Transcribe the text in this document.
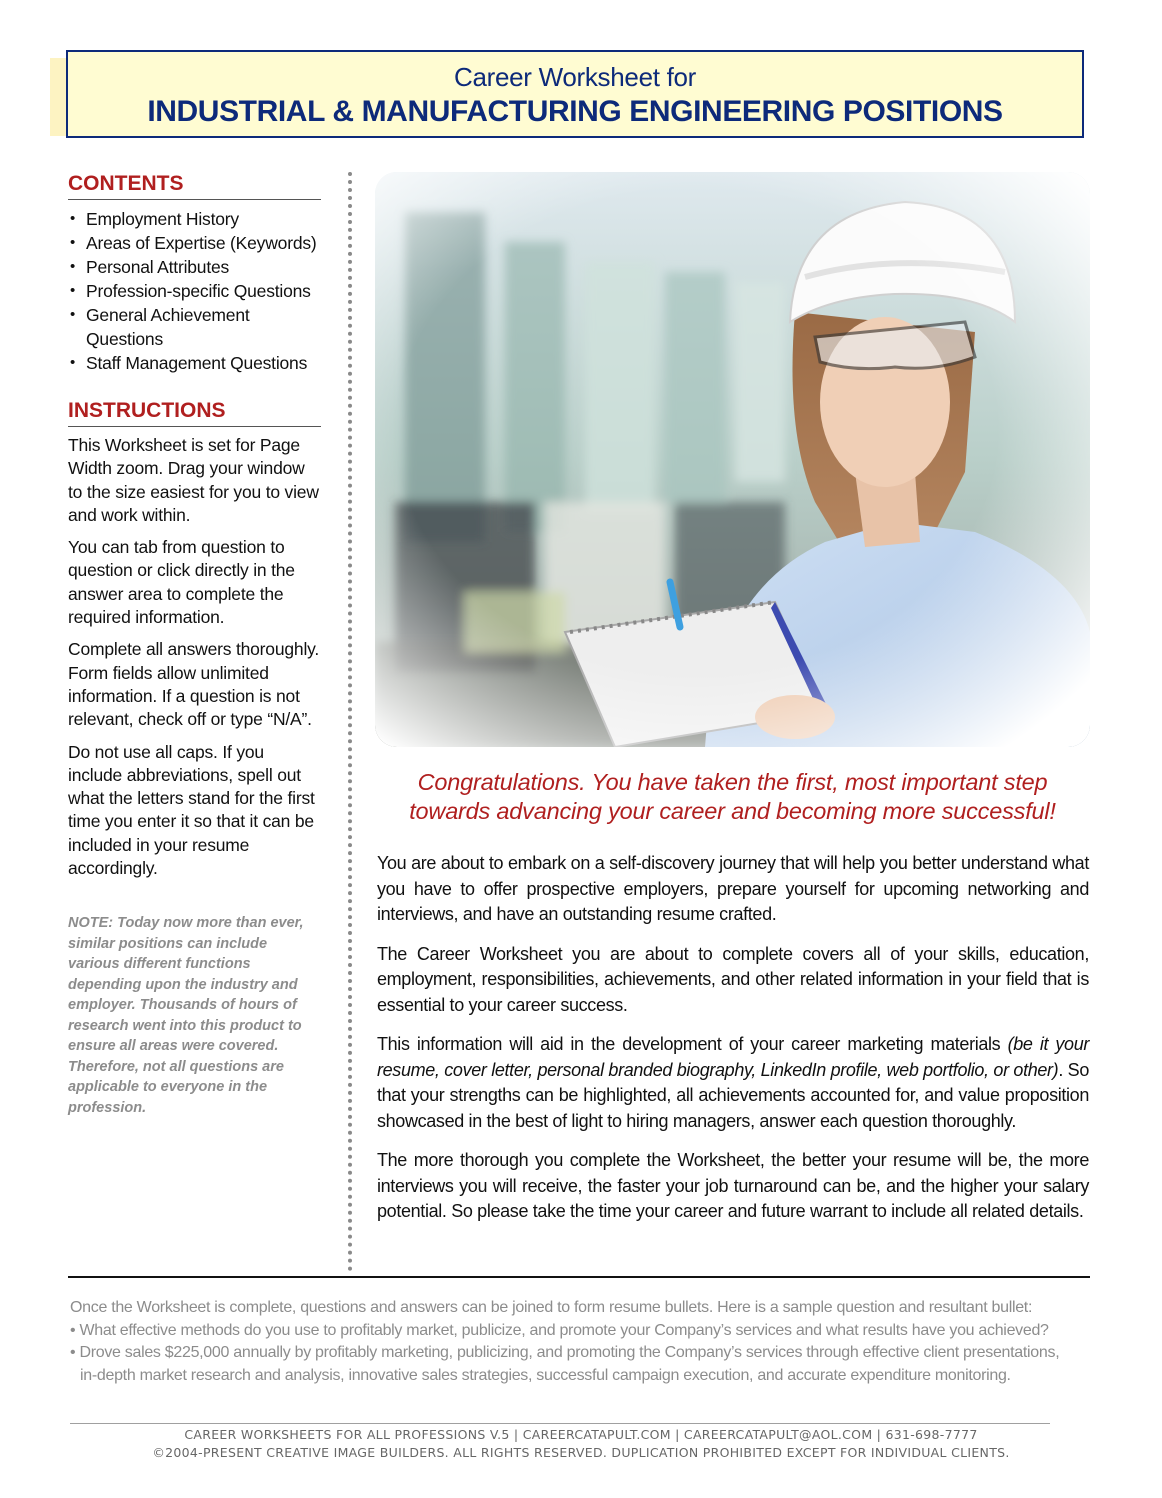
Career Worksheet for
INDUSTRIAL & MANUFACTURING ENGINEERING POSITIONS
CONTENTS
• Employment History
• Areas of Expertise (Keywords)
• Personal Attributes
• Profession-specific Questions
• General Achievement Questions
• Staff Management Questions
INSTRUCTIONS

This Worksheet is set for Page Width zoom. Drag your window to the size easiest for you to view and work within.

You can tab from question to question or click directly in the answer area to complete the required information.

Complete all answers thoroughly. Form fields allow unlimited information. If a question is not relevant, check off or type “N/A”.

Do not use all caps. If you include abbreviations, spell out what the letters stand for the first time you enter it so that it can be included in your resume accordingly.

NOTE: Today now more than ever, similar positions can include various different functions depending upon the industry and employer. Thousands of hours of research went into this product to ensure all areas were covered. Therefore, not all questions are applicable to everyone in the profession.
Congratulations. You have taken the first, most important step
towards advancing your career and becoming more successful!

You are about to embark on a self-discovery journey that will help you better understand what you have to offer prospective employers, prepare yourself for upcoming networking and interviews, and have an outstanding resume crafted.

The Career Worksheet you are about to complete covers all of your skills, education, employment, responsibilities, achievements, and other related information in your field that is essential to your career success.

This information will aid in the development of your career marketing materials (be it your resume, cover letter, personal branded biography, LinkedIn profile, web portfolio, or other). So that your strengths can be highlighted, all achievements accounted for, and value proposition showcased in the best of light to hiring managers, answer each question thoroughly.

The more thorough you complete the Worksheet, the better your resume will be, the more interviews you will receive, the faster your job turnaround can be, and the higher your salary potential. So please take the time your career and future warrant to include all related details.

Once the Worksheet is complete, questions and answers can be joined to form resume bullets. Here is a sample question and resultant bullet:
• What effective methods do you use to profitably market, publicize, and promote your Company’s services and what results have you achieved?
• Drove sales $225,000 annually by profitably marketing, publicizing, and promoting the Company’s services through effective client presentations,
in-depth market research and analysis, innovative sales strategies, successful campaign execution, and accurate expenditure monitoring.
CAREER WORKSHEETS FOR ALL PROFESSIONS V.5 | CAREERCATAPULT.COM | CAREERCATAPULT@AOL.COM | 631-698-7777
©2004-PRESENT CREATIVE IMAGE BUILDERS. ALL RIGHTS RESERVED. DUPLICATION PROHIBITED EXCEPT FOR INDIVIDUAL CLIENTS.
